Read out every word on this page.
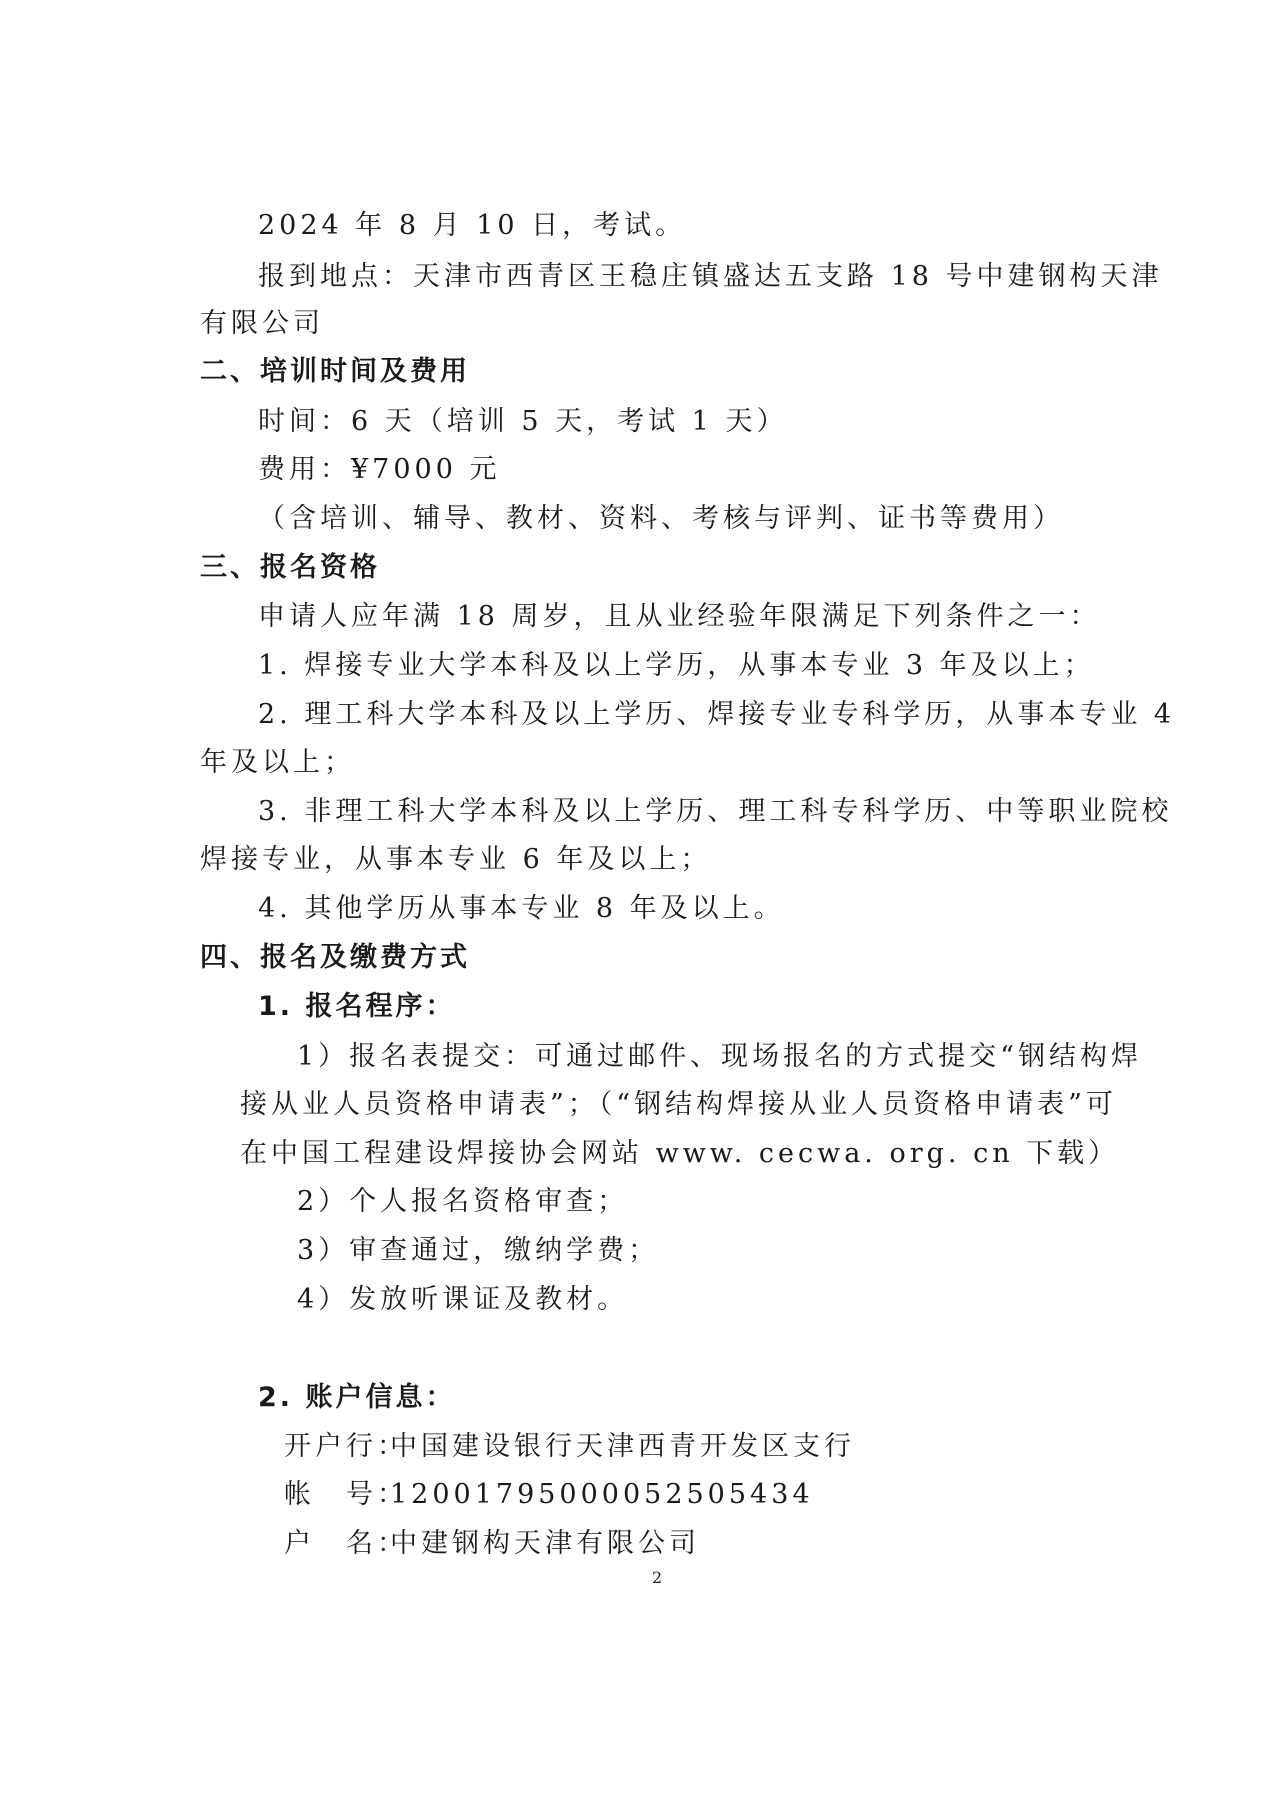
2024 年 8 月 10 日，考试。
报到地点：天津市西青区王稳庄镇盛达五支路 18 号中建钢构天津
有限公司
二、培训时间及费用
时间：6 天（培训 5 天，考试 1 天）
费用：¥7000 元
（含培训、辅导、教材、资料、考核与评判、证书等费用）
三、报名资格
申请人应年满 18 周岁，且从业经验年限满足下列条件之一：
1. 焊接专业大学本科及以上学历，从事本专业 3 年及以上；
2. 理工科大学本科及以上学历、焊接专业专科学历，从事本专业 4
年及以上；
3. 非理工科大学本科及以上学历、理工科专科学历、中等职业院校
焊接专业，从事本专业 6 年及以上；
4. 其他学历从事本专业 8 年及以上。
四、报名及缴费方式
1. 报名程序：
1）报名表提交：可通过邮件、现场报名的方式提交“钢结构焊
接从业人员资格申请表”；（“钢结构焊接从业人员资格申请表”可
在中国工程建设焊接协会网站 www. cecwa. org. cn 下载）
2）个人报名资格审查；
3）审查通过，缴纳学费；
4）发放听课证及教材。
2. 账户信息：
开户行：中国建设银行天津西青开发区支行
帐　号：12001795000052505434
户　名：中建钢构天津有限公司
2
